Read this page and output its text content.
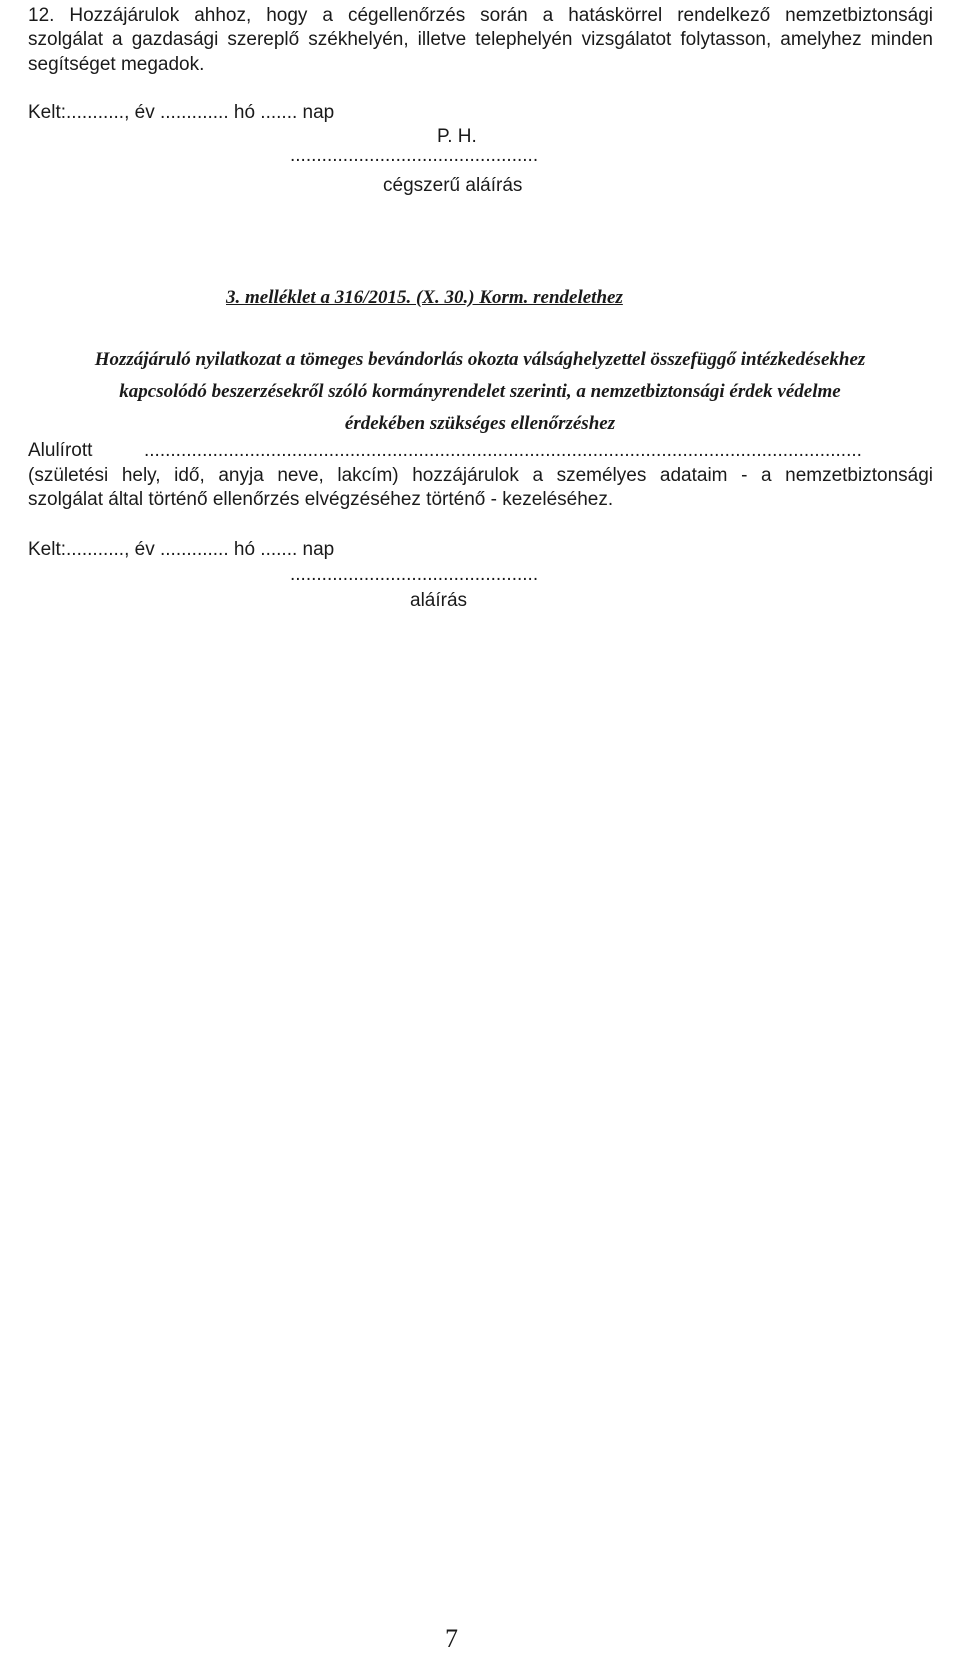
12. Hozzájárulok ahhoz, hogy a cégellenőrzés során a hatáskörrel rendelkező nemzetbiztonsági
szolgálat a gazdasági szereplő székhelyén, illetve telephelyén vizsgálatot folytasson, amelyhez minden
segítséget megadok.
Kelt:..........., év ............. hó ....... nap
P. H.
...............................................
cégszerű aláírás
3. melléklet a 316/2015. (X. 30.) Korm. rendelethez
Hozzájáruló nyilatkozat a tömeges bevándorlás okozta válsághelyzettel összefüggő intézkedésekhez
kapcsolódó beszerzésekről szóló kormányrendelet szerinti, a nemzetbiztonsági érdek védelme
érdekében szükséges ellenőrzéshez
Alulírott	........................................................................................................................................
(születési hely, idő, anyja neve, lakcím) hozzájárulok a személyes adataim - a nemzetbiztonsági
szolgálat által történő ellenőrzés elvégzéséhez történő - kezeléséhez.
Kelt:..........., év ............. hó ....... nap
...............................................
aláírás
7
